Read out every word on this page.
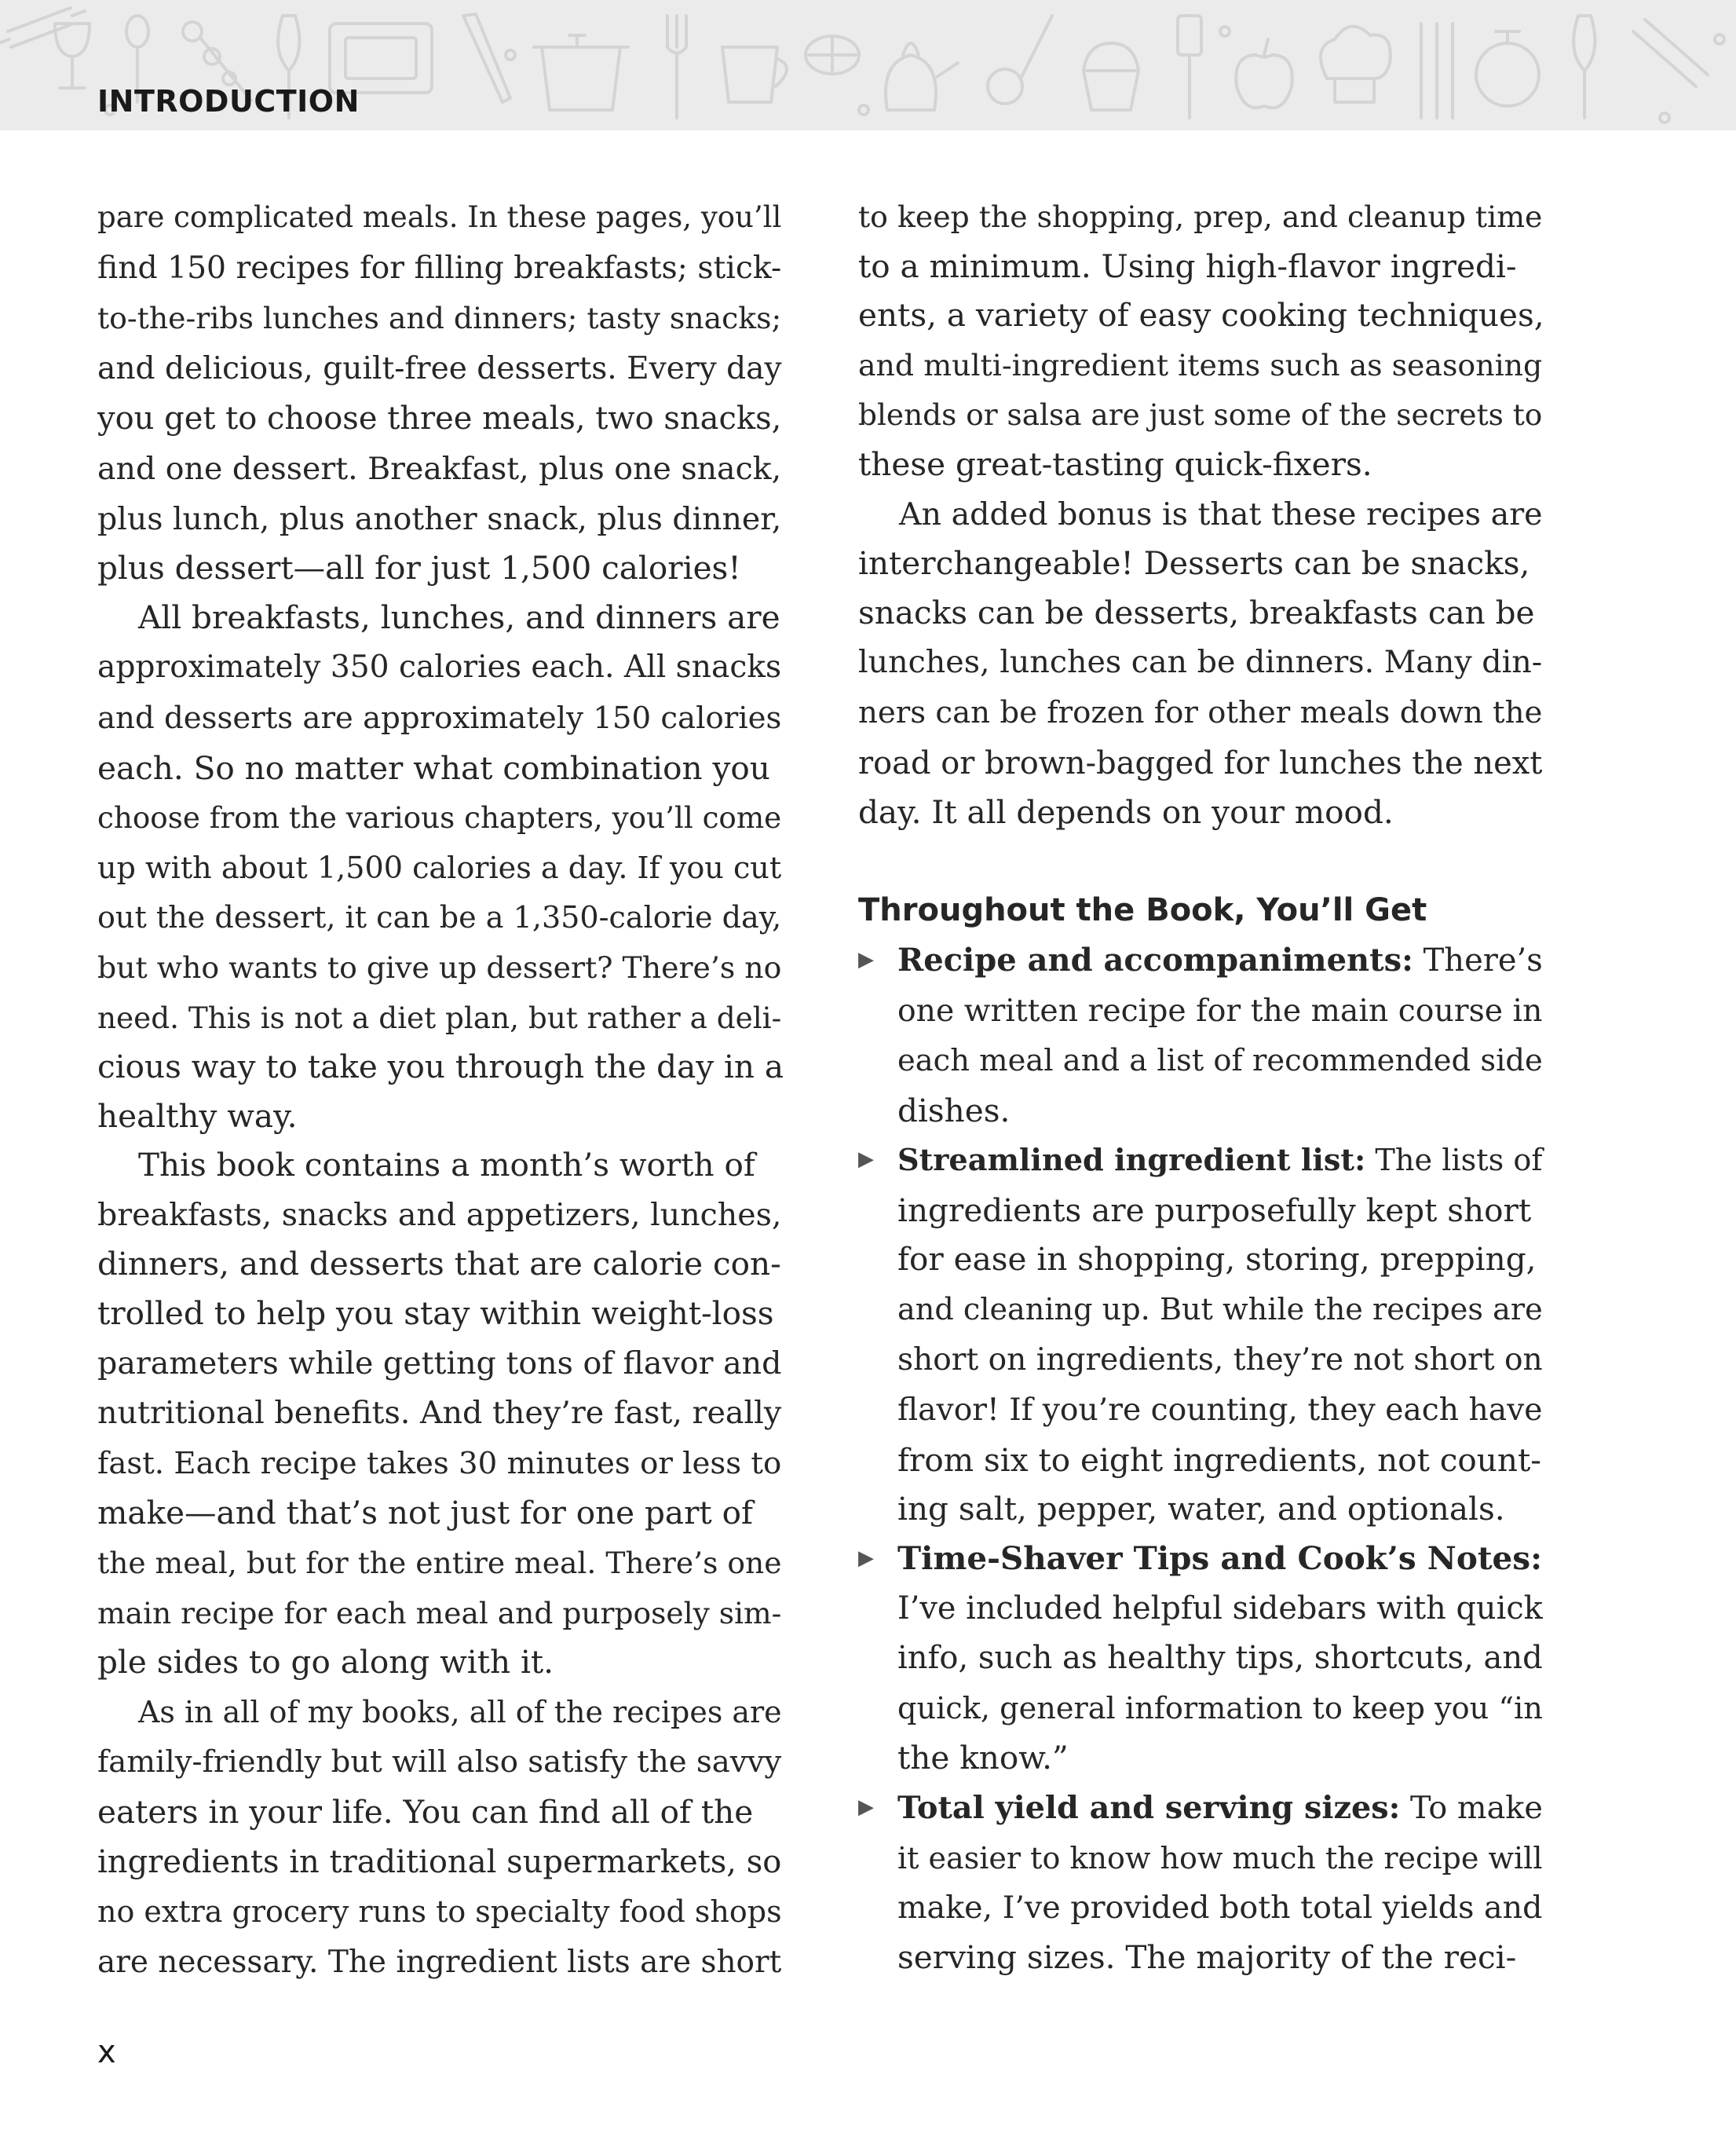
INTRODUCTION

pare complicated meals. In these pages, you’ll
find 150 recipes for filling breakfasts; stick-
to-the-ribs lunches and dinners; tasty snacks;
and delicious, guilt-free desserts. Every day
you get to choose three meals, two snacks,
and one dessert. Breakfast, plus one snack,
plus lunch, plus another snack, plus dinner,
plus dessert—all for just 1,500 calories!

All breakfasts, lunches, and dinners are
approximately 350 calories each. All snacks
and desserts are approximately 150 calories
each. So no matter what combination you
choose from the various chapters, you’ll come
up with about 1,500 calories a day. If you cut
out the dessert, it can be a 1,350-calorie day,
but who wants to give up dessert? There’s no
need. This is not a diet plan, but rather a deli-
cious way to take you through the day in a
healthy way.

This book contains a month’s worth of
breakfasts, snacks and appetizers, lunches,
dinners, and desserts that are calorie con-
trolled to help you stay within weight-loss
parameters while getting tons of flavor and
nutritional benefits. And they’re fast, really
fast. Each recipe takes 30 minutes or less to
make—and that’s not just for one part of
the meal, but for the entire meal. There’s one
main recipe for each meal and purposely sim-
ple sides to go along with it.

As in all of my books, all of the recipes are
family-friendly but will also satisfy the savvy
eaters in your life. You can find all of the
ingredients in traditional supermarkets, so
no extra grocery runs to specialty food shops
are necessary. The ingredient lists are short

to keep the shopping, prep, and cleanup time
to a minimum. Using high-flavor ingredi-
ents, a variety of easy cooking techniques,
and multi-ingredient items such as seasoning
blends or salsa are just some of the secrets to
these great-tasting quick-fixers.

An added bonus is that these recipes are
interchangeable! Desserts can be snacks,
snacks can be desserts, breakfasts can be
lunches, lunches can be dinners. Many din-
ners can be frozen for other meals down the
road or brown-bagged for lunches the next
day. It all depends on your mood.

Throughout the Book, You’ll Get
▶ Recipe and accompaniments: There’s
one written recipe for the main course in
each meal and a list of recommended side
dishes.
▶ Streamlined ingredient list: The lists of
ingredients are purposefully kept short
for ease in shopping, storing, prepping,
and cleaning up. But while the recipes are
short on ingredients, they’re not short on
flavor! If you’re counting, they each have
from six to eight ingredients, not count-
ing salt, pepper, water, and optionals.
▶ Time-Shaver Tips and Cook’s Notes:
I’ve included helpful sidebars with quick
info, such as healthy tips, shortcuts, and
quick, general information to keep you “in
the know.”
▶ Total yield and serving sizes: To make
it easier to know how much the recipe will
make, I’ve provided both total yields and
serving sizes. The majority of the reci-
x
